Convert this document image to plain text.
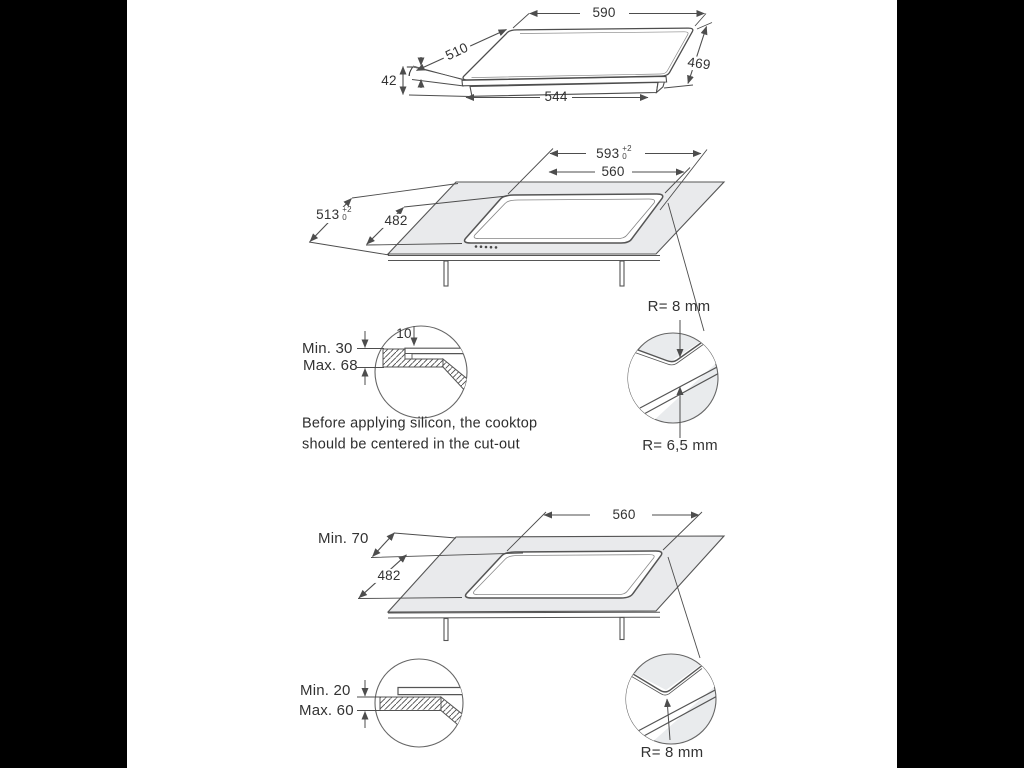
590
510
7
42
469
544
593 +2
0
560
513 +2
0	482
R= 8 mm
R= 6,5 mm
Min. 30
Max. 68
10
Before applying silicon, the cooktop
should be centered in the cut-out
560
Min. 70
482
Min. 20
Max. 60
R= 8 mm
